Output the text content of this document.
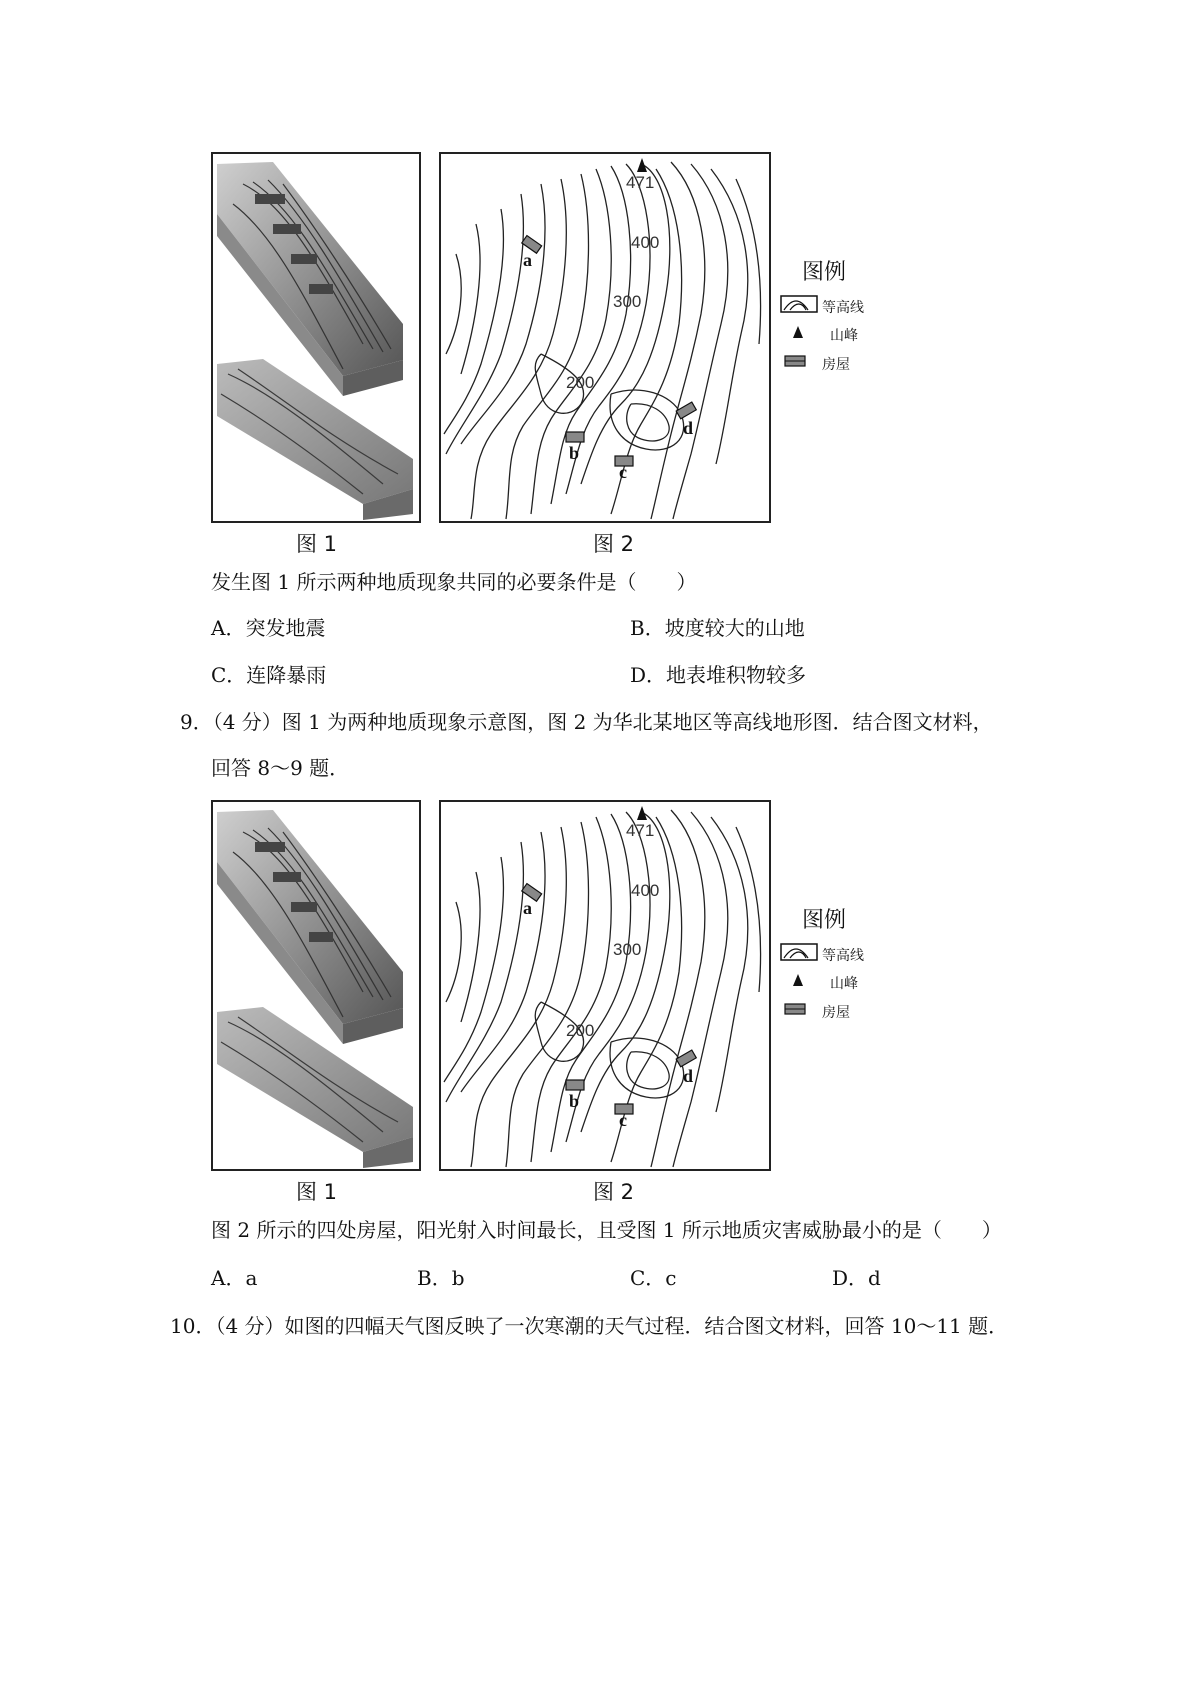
471
400
300
200
a
b
c
d
图例
等高线
山峰
房屋
图 1	图 2
发生图 1 所示两种地质现象共同的必要条件是（　　）
A．突发地震	B．坡度较大的山地
C．连降暴雨	D．地表堆积物较多
9．（4 分）图 1 为两种地质现象示意图，图 2 为华北某地区等高线地形图．结合图文材料，
回答 8～9 题．
471
400
300
200
a
b
c
d
图例
等高线
山峰
房屋
图 1	图 2
图 2 所示的四处房屋，阳光射入时间最长，且受图 1 所示地质灾害威胁最小的是（　　）
A．a	B．b	C．c	D．d
10．（4 分）如图的四幅天气图反映了一次寒潮的天气过程．结合图文材料，回答 10～11 题．
